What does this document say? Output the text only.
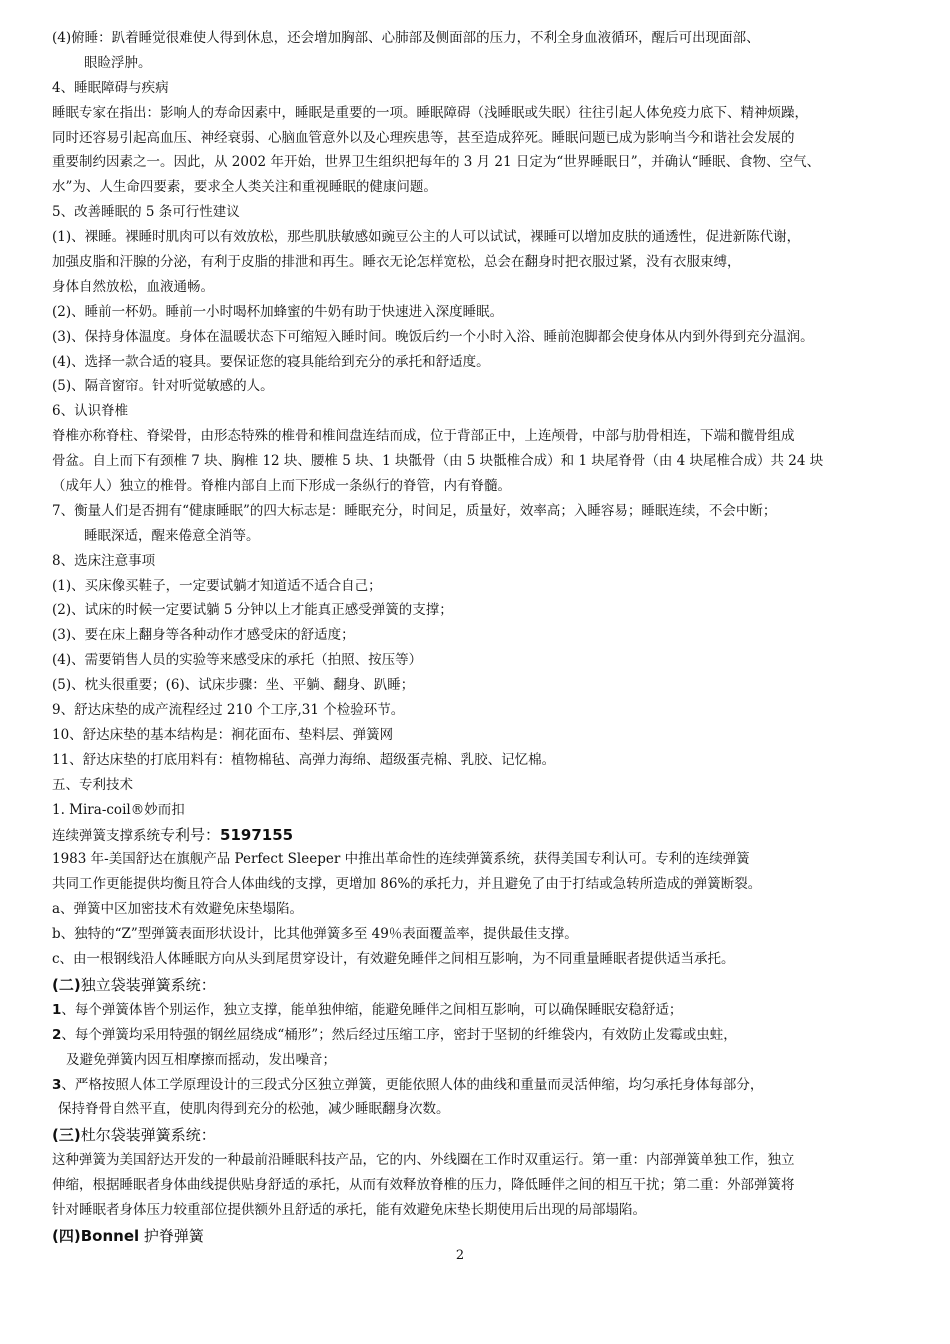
(4)俯睡：趴着睡觉很难使人得到休息，还会增加胸部、心肺部及侧面部的压力，不利全身血液循环，醒后可出现面部、
眼睑浮肿。
4、睡眠障碍与疾病
睡眠专家在指出：影响人的寿命因素中，睡眠是重要的一项。睡眠障碍（浅睡眠或失眠）往往引起人体免疫力底下、精神烦躁，
同时还容易引起高血压、神经衰弱、心脑血管意外以及心理疾患等，甚至造成猝死。睡眠问题已成为影响当今和谐社会发展的
重要制约因素之一。因此，从 2002 年开始，世界卫生组织把每年的 3 月 21 日定为“世界睡眠日”，并确认“睡眠、食物、空气、
水”为、人生命四要素，要求全人类关注和重视睡眠的健康问题。
5、改善睡眠的 5 条可行性建议
(1)、裸睡。裸睡时肌肉可以有效放松，那些肌肤敏感如豌豆公主的人可以试试，裸睡可以增加皮肤的通透性，促进新陈代谢，
加强皮脂和汗腺的分泌，有利于皮脂的排泄和再生。睡衣无论怎样宽松，总会在翻身时把衣服过紧，没有衣服束缚，
身体自然放松，血液通畅。
(2)、睡前一杯奶。睡前一小时喝杯加蜂蜜的牛奶有助于快速进入深度睡眠。
(3)、保持身体温度。身体在温暖状态下可缩短入睡时间。晚饭后约一个小时入浴、睡前泡脚都会使身体从内到外得到充分温润。
(4)、选择一款合适的寝具。要保证您的寝具能给到充分的承托和舒适度。
(5)、隔音窗帘。针对听觉敏感的人。
6、认识脊椎
脊椎亦称脊柱、脊梁骨，由形态特殊的椎骨和椎间盘连结而成，位于背部正中，上连颅骨，中部与肋骨相连，下端和髋骨组成
骨盆。自上而下有颈椎 7 块、胸椎 12 块、腰椎 5 块、1 块骶骨（由 5 块骶椎合成）和 1 块尾脊骨（由 4 块尾椎合成）共 24 块
（成年人）独立的椎骨。脊椎内部自上而下形成一条纵行的脊管，内有脊髓。
7、衡量人们是否拥有“健康睡眠”的四大标志是：睡眠充分，时间足，质量好，效率高；入睡容易；睡眠连续，不会中断；
睡眠深适，醒来倦意全消等。
8、选床注意事项
(1)、买床像买鞋子，一定要试躺才知道适不适合自己；
(2)、试床的时候一定要试躺 5 分钟以上才能真正感受弹簧的支撑；
(3)、要在床上翻身等各种动作才感受床的舒适度；
(4)、需要销售人员的实验等来感受床的承托（拍照、按压等）
(5)、枕头很重要；(6)、试床步骤：坐、平躺、翻身、趴睡；
9、舒达床垫的成产流程经过 210 个工序,31 个检验环节。
10、舒达床垫的基本结构是：裥花面布、垫料层、弹簧网
11、舒达床垫的打底用料有：植物棉毡、高弹力海绵、超级蛋壳棉、乳胶、记忆棉。
五、专利技术
1. Mira-coil®妙而扣
连续弹簧支撑系统专利号：5197155
1983 年-美国舒达在旗舰产品 Perfect Sleeper 中推出革命性的连续弹簧系统，获得美国专利认可。专利的连续弹簧
共同工作更能提供均衡且符合人体曲线的支撑，更增加 86%的承托力，并且避免了由于打结或急转所造成的弹簧断裂。
a、弹簧中区加密技术有效避免床垫塌陷。
b、独特的“Z”型弹簧表面形状设计，比其他弹簧多至 49％表面覆盖率，提供最佳支撑。
c、由一根钢线沿人体睡眠方向从头到尾贯穿设计，有效避免睡伴之间相互影响，为不同重量睡眠者提供适当承托。
(二)独立袋装弹簧系统：
1、每个弹簧体皆个别运作，独立支撑，能单独伸缩，能避免睡伴之间相互影响，可以确保睡眠安稳舒适；
2、每个弹簧均采用特强的钢丝屈绕成“桶形”；然后经过压缩工序，密封于坚韧的纤维袋内，有效防止发霉或虫蛀，
及避免弹簧内因互相摩擦而摇动，发出噪音；
3、严格按照人体工学原理设计的三段式分区独立弹簧，更能依照人体的曲线和重量而灵活伸缩，均匀承托身体每部分，
保持脊骨自然平直，使肌肉得到充分的松弛，减少睡眠翻身次数。
(三)杜尔袋装弹簧系统：
这种弹簧为美国舒达开发的一种最前沿睡眠科技产品，它的内、外线圈在工作时双重运行。第一重：内部弹簧单独工作，独立
伸缩，根据睡眠者身体曲线提供贴身舒适的承托，从而有效释放脊椎的压力，降低睡伴之间的相互干扰；第二重：外部弹簧将
针对睡眠者身体压力较重部位提供额外且舒适的承托，能有效避免床垫长期使用后出现的局部塌陷。
(四)Bonnel 护脊弹簧
2
